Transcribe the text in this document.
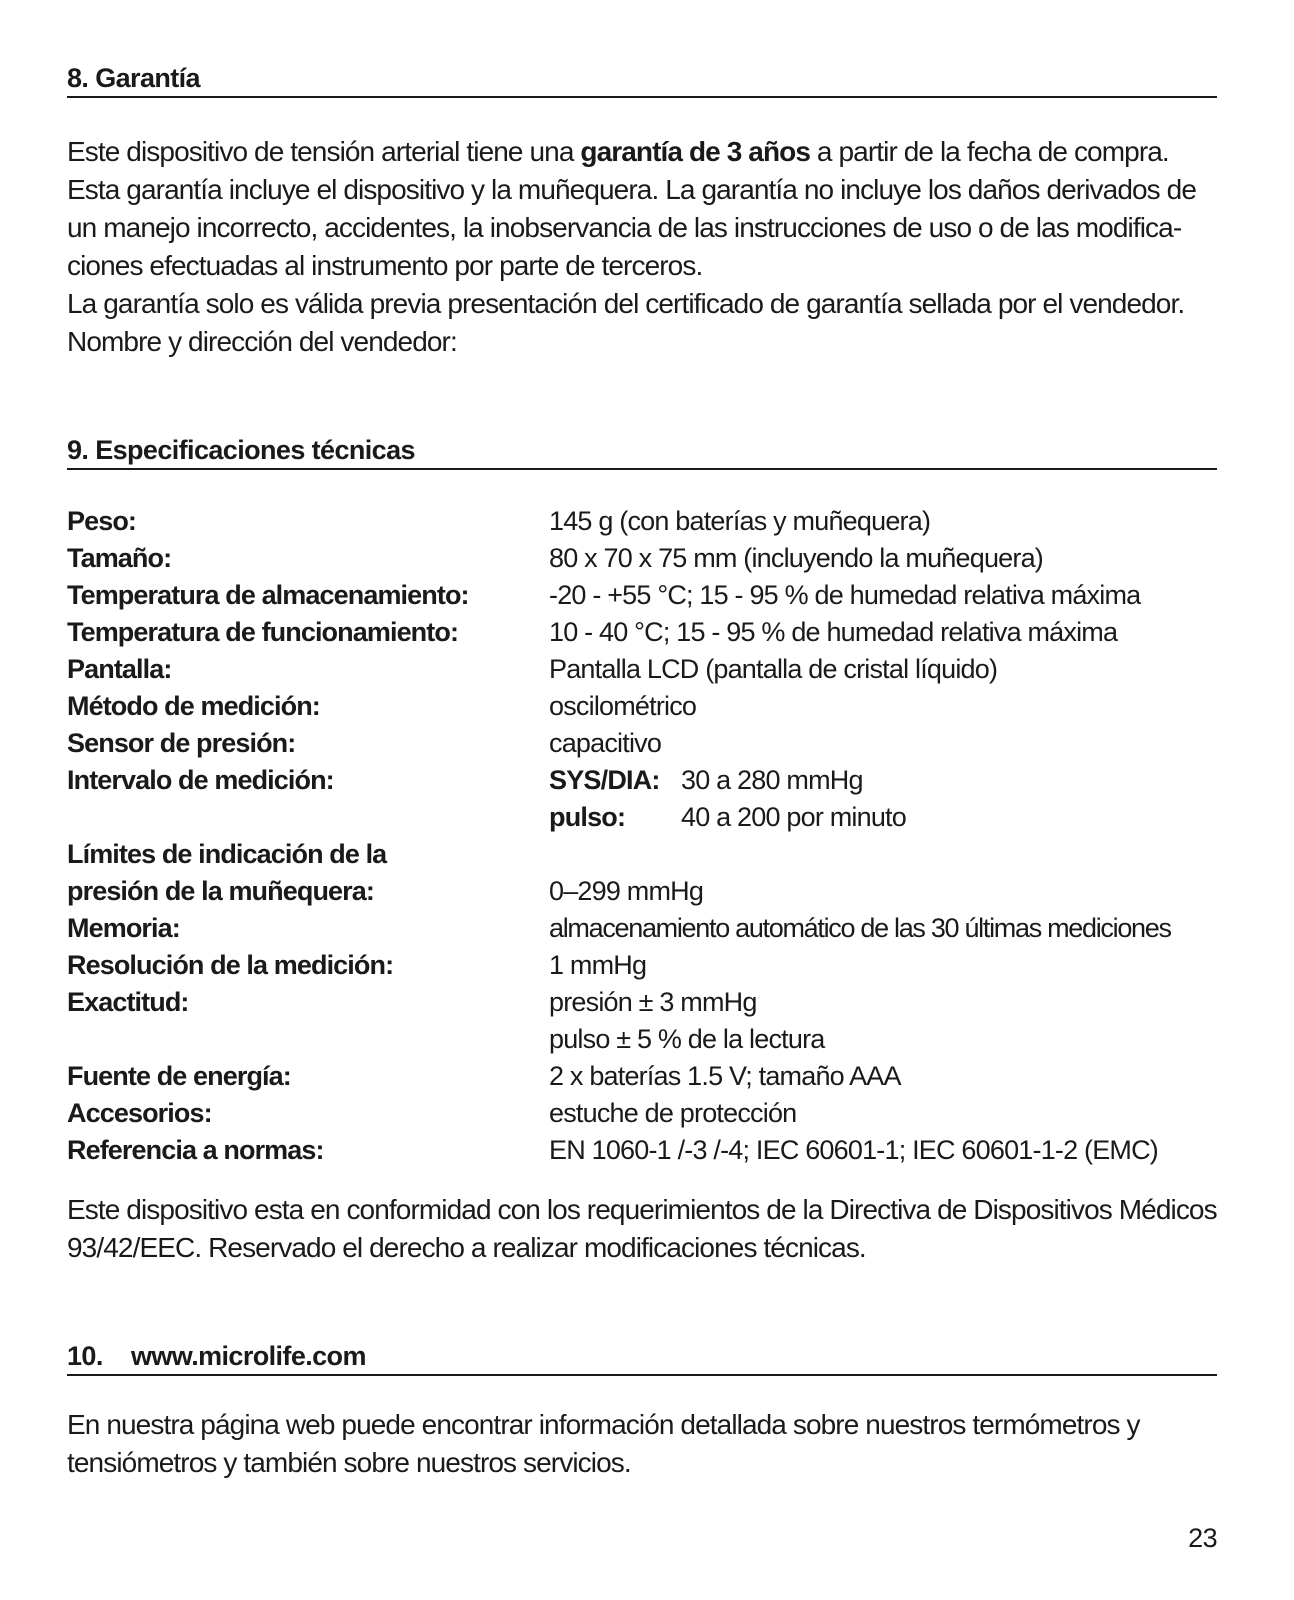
8. Garantía

Este dispositivo de tensión arterial tiene una garantía de 3 años a partir de la fecha de compra. Esta garantía incluye el dispositivo y la muñequera. La garantía no incluye los daños derivados de un manejo incorrecto, accidentes, la inobservancia de las instrucciones de uso o de las modificaciones efectuadas al instrumento por parte de terceros.

La garantía solo es válida previa presentación del certificado de garantía sellada por el vendedor.

Nombre y dirección del vendedor:

9. Especificaciones técnicas
Peso:	145 g (con baterías y muñequera)
Tamaño:	80 x 70 x 75 mm (incluyendo la muñequera)
Temperatura de almacenamiento:	-20 - +55 °C; 15 - 95 % de humedad relativa máxima
Temperatura de funcionamiento:	10 - 40 °C; 15 - 95 % de humedad relativa máxima
Pantalla:	Pantalla LCD (pantalla de cristal líquido)
Método de medición:	oscilométrico
Sensor de presión:	capacitivo
Intervalo de medición:	SYS/DIA: 30 a 280 mmHg
pulso:	40 a 200 por minuto
Límites de indicación de la
presión de la muñequera:
	0–299 mmHg
Memoria:	almacenamiento automático de las 30 últimas mediciones
Resolución de la medición:	1 mmHg
Exactitud:	presión ± 3 mmHg
pulso ± 5 % de la lectura
Fuente de energía:	2 x baterías 1.5 V; tamaño AAA
Accesorios:	estuche de protección
Referencia a normas:	EN 1060-1 /-3 /-4; IEC 60601-1; IEC 60601-1-2 (EMC)
Este dispositivo esta en conformidad con los requerimientos de la Directiva de Dispositivos Médicos 93/42/EEC. Reservado el derecho a realizar modificaciones técnicas.
10. www.microlife.com
En nuestra página web puede encontrar información detallada sobre nuestros termómetros y tensiómetros y también sobre nuestros servicios.
23
